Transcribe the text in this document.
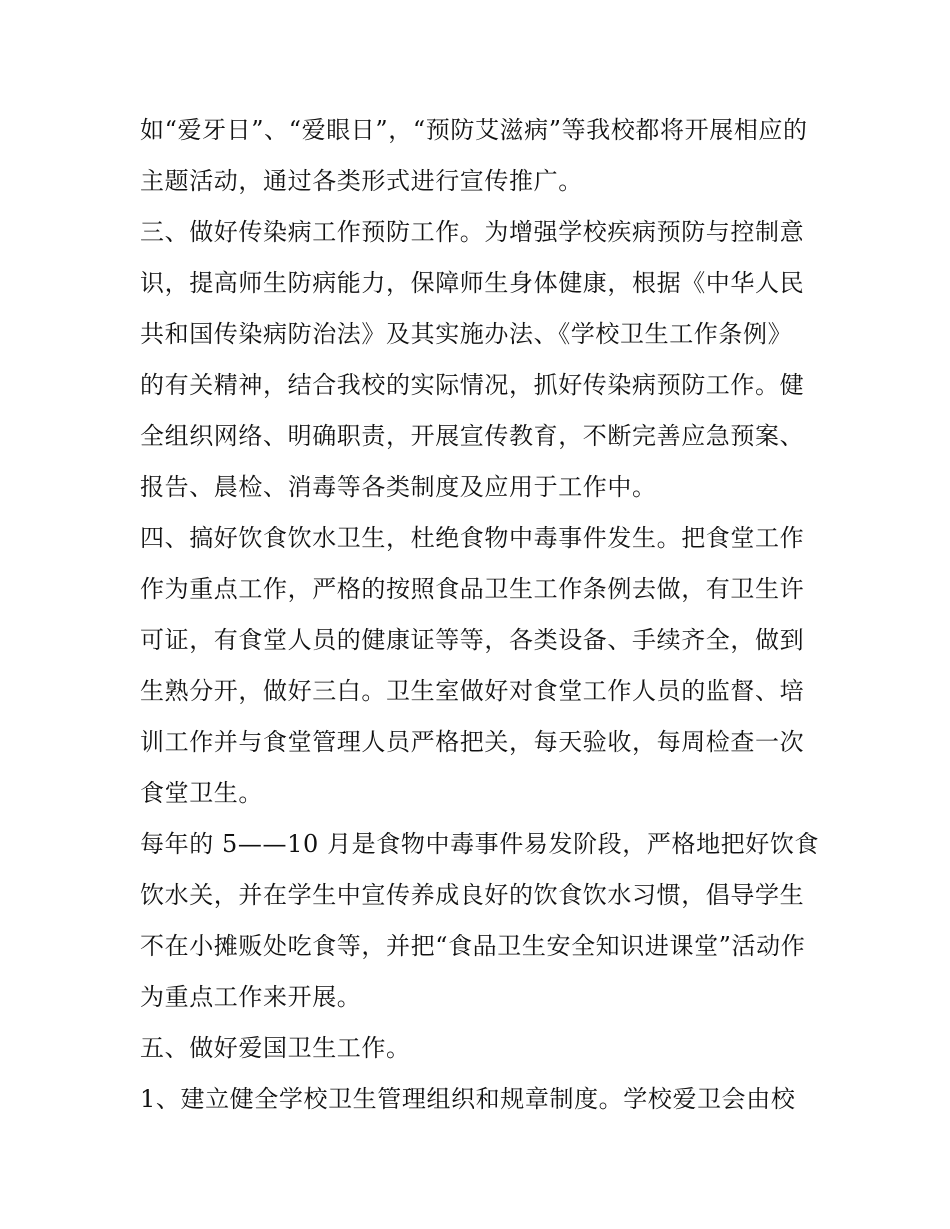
如“爱牙日”、“爱眼日”，“预防艾滋病”等我校都将开展相应的
主题活动，通过各类形式进行宣传推广。
三、做好传染病工作预防工作。为增强学校疾病预防与控制意
识，提高师生防病能力，保障师生身体健康，根据《中华人民
共和国传染病防治法》及其实施办法、《学校卫生工作条例》
的有关精神，结合我校的实际情况，抓好传染病预防工作。健
全组织网络、明确职责，开展宣传教育，不断完善应急预案、
报告、晨检、消毒等各类制度及应用于工作中。
四、搞好饮食饮水卫生，杜绝食物中毒事件发生。把食堂工作
作为重点工作，严格的按照食品卫生工作条例去做，有卫生许
可证，有食堂人员的健康证等等，各类设备、手续齐全，做到
生熟分开，做好三白。卫生室做好对食堂工作人员的监督、培
训工作并与食堂管理人员严格把关，每天验收，每周检查一次
食堂卫生。
每年的 5——10 月是食物中毒事件易发阶段，严格地把好饮食
饮水关，并在学生中宣传养成良好的饮食饮水习惯，倡导学生
不在小摊贩处吃食等，并把“食品卫生安全知识进课堂”活动作
为重点工作来开展。
五、做好爱国卫生工作。
1、建立健全学校卫生管理组织和规章制度。学校爱卫会由校
